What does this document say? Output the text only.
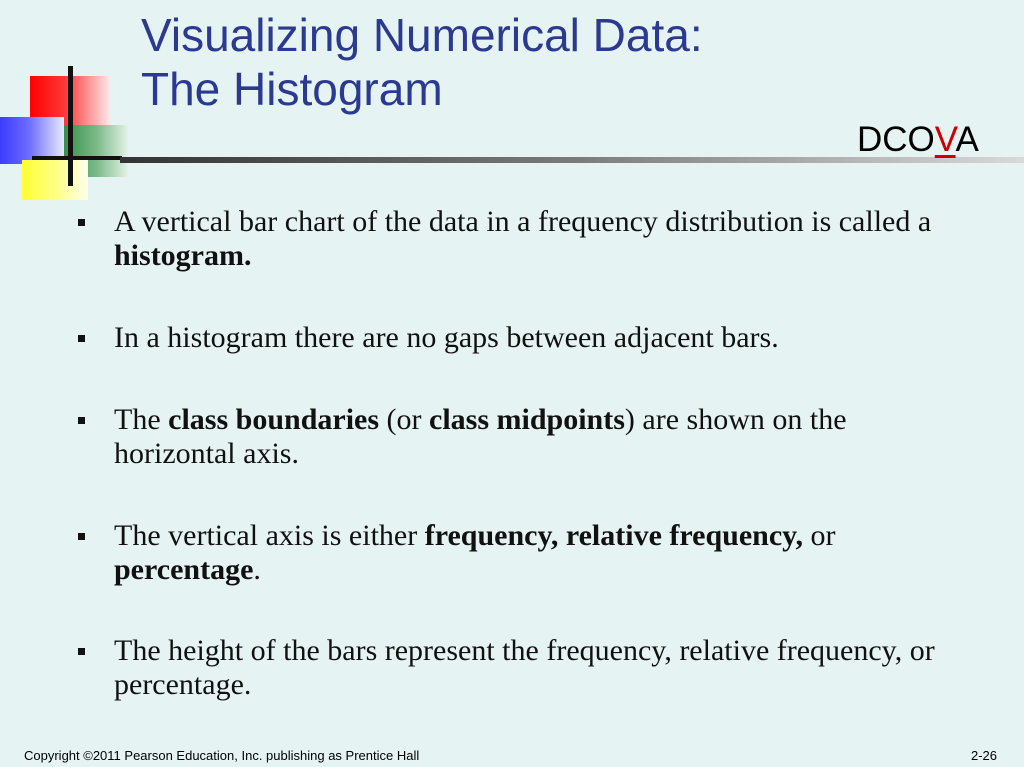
Visualizing Numerical Data:
The Histogram
DCOVA
A vertical bar chart of the data in a frequency distribution is called a histogram.
In a histogram there are no gaps between adjacent bars.
The class boundaries (or class midpoints) are shown on the horizontal axis.
The vertical axis is either frequency, relative frequency, or percentage.
The height of the bars represent the frequency, relative frequency, or percentage.
Copyright ©2011 Pearson Education, Inc. publishing as Prentice Hall	2-26
